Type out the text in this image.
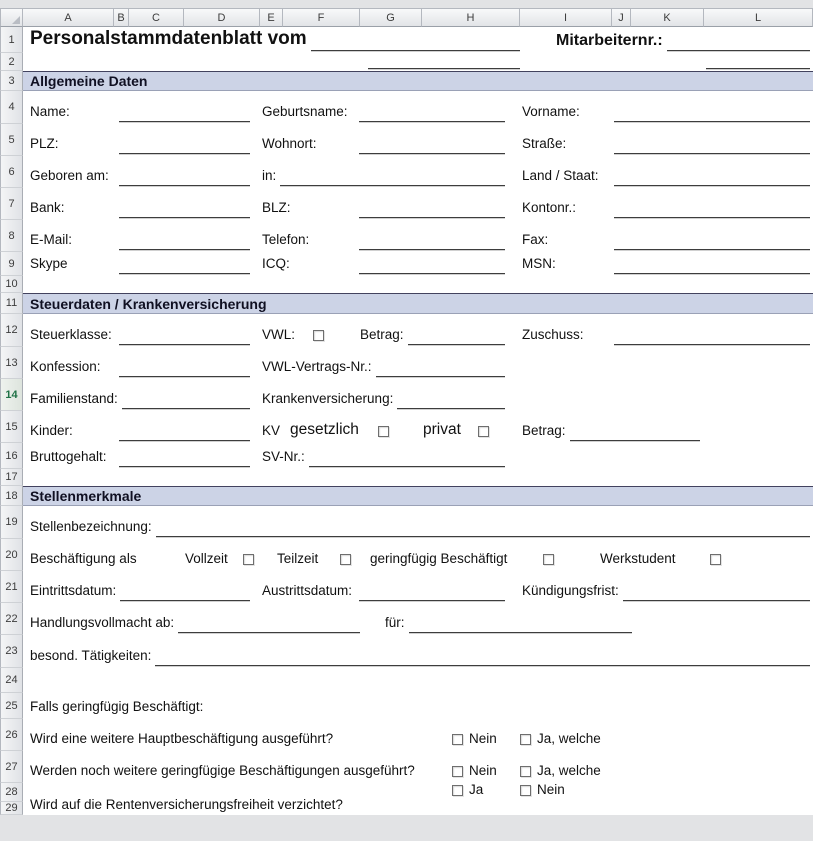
A	B	C	D	E	F	G	H	I	J	K	L
1 Personalstammdatenblatt vom	Mitarbeiternr.:
2
3	Allgemeine Daten
4	Name:	Geburtsname:	Vorname:
5	PLZ:	Wohnort:	Straße:
6	Geboren am:	in:	Land / Staat:
7	Bank:	BLZ:	Kontonr.:
8	E-Mail:	Telefon:	Fax:
9	Skype	ICQ:	MSN:
10
11 Steuerdaten / Krankenversicherung
12 Steuerklasse:	VWL:	Betrag:	Zuschuss:
13 Konfession:	VWL-Vertrags-Nr.:
14 Familienstand:	Krankenversicherung:
15 Kinder:	KV gesetzlich	privat	Betrag:
16 Bruttogehalt:	SV-Nr.:
17
18 Stellenmerkmale
19 Stellenbezeichnung:
20 Beschäftigung als	Vollzeit	Teilzeit	geringfügig Beschäftigt	Werkstudent
21 Eintrittsdatum:	Austrittsdatum:	Kündigungsfrist:
22 Handlungsvollmacht ab:	für:
23 besond. Tätigkeiten:
24
25 Falls geringfügig Beschäftigt:
26 Wird eine weitere Hauptbeschäftigung ausgeführt?	Nein	Ja, welche
27 Werden noch weitere geringfügige Beschäftigungen ausgeführt?	Nein	Ja, welche
28	Ja	Nein
29 Wird auf die Rentenversicherungsfreiheit verzichtet?
